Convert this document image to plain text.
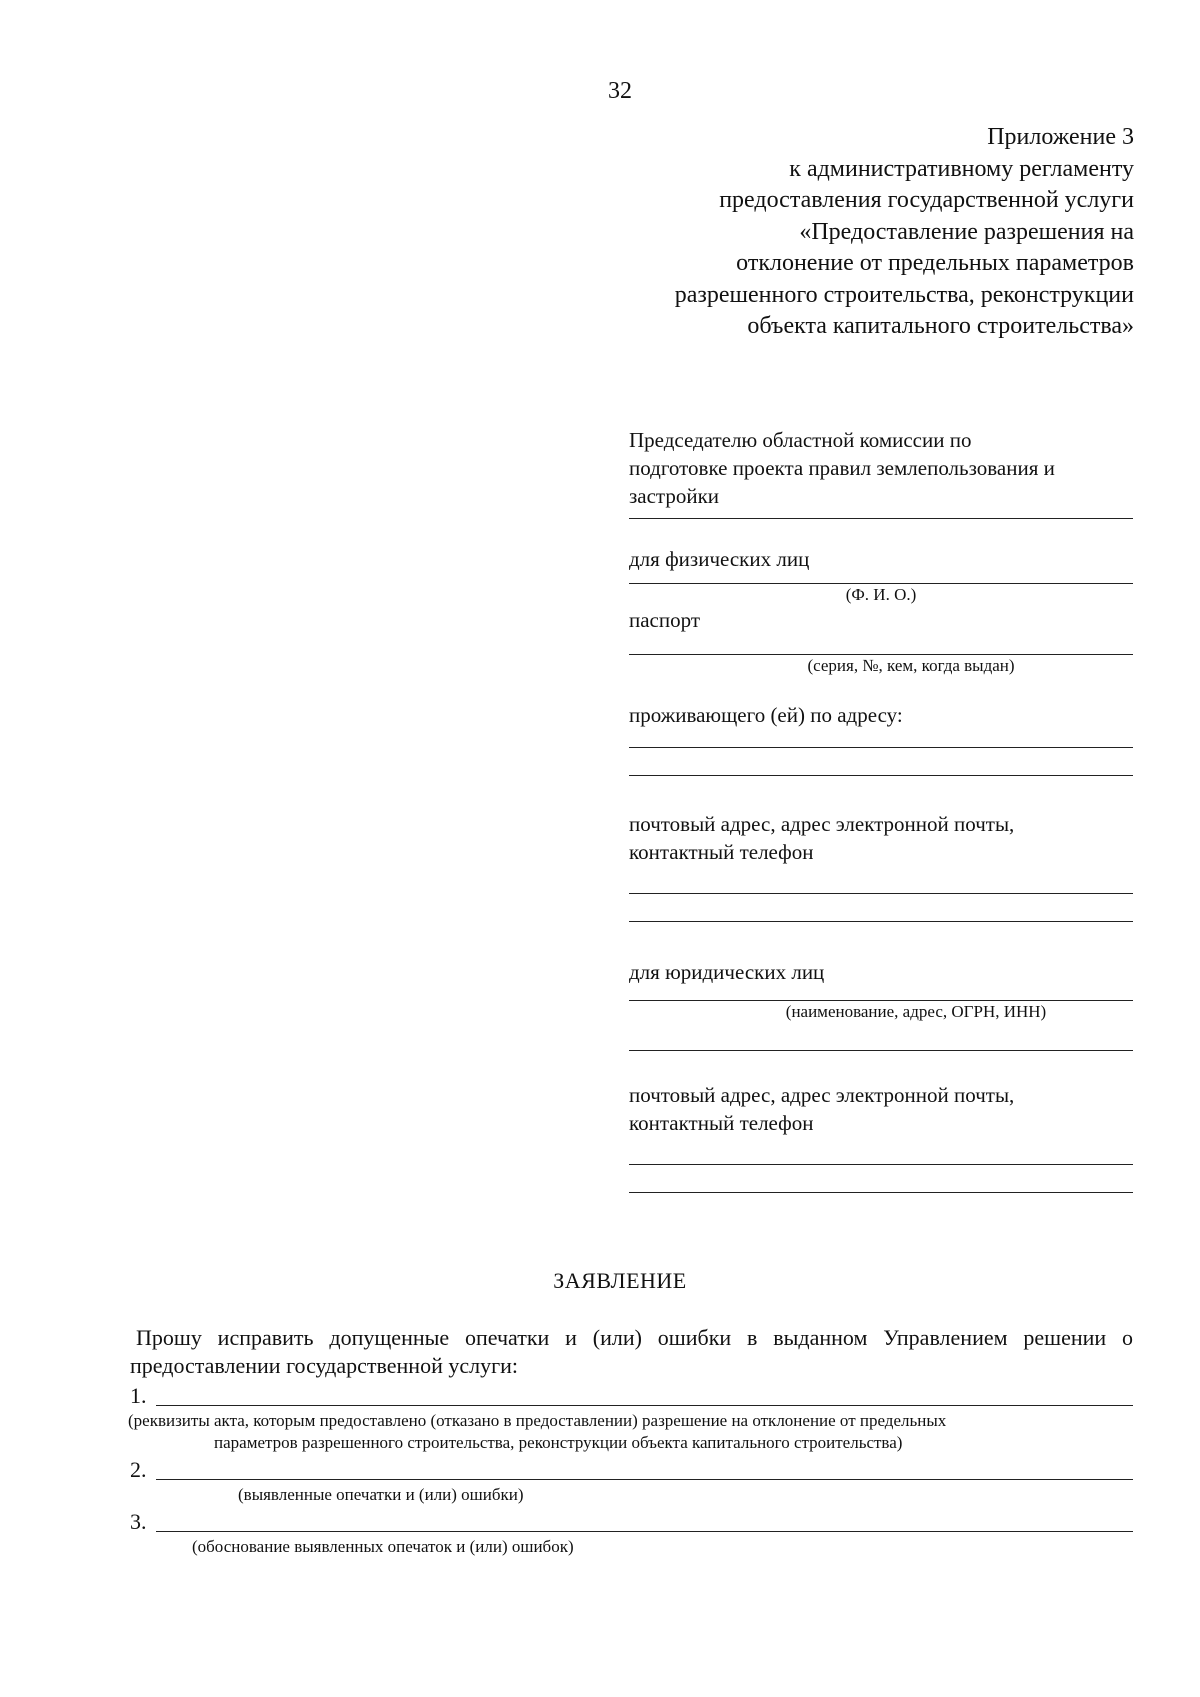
32
Приложение 3
к административному регламенту
предоставления государственной услуги
«Предоставление разрешения на
отклонение от предельных параметров
разрешенного строительства, реконструкции
объекта капитального строительства»
Председателю областной комиссии по
подготовке проекта правил землепользования и
застройки
для физических лиц
(Ф. И. О.)
паспорт
(серия, №, кем, когда выдан)
проживающего (ей) по адресу:
почтовый адрес, адрес электронной почты,
контактный телефон
для юридических лиц
(наименование, адрес, ОГРН, ИНН)
почтовый адрес, адрес электронной почты,
контактный телефон
ЗАЯВЛЕНИЕ

Прошу исправить допущенные опечатки и (или) ошибки в выданном Управлением решении о предоставлении государственной услуги:

1.
(реквизиты акта, которым предоставлено (отказано в предоставлении) разрешение на отклонение от предельных
параметров разрешенного строительства, реконструкции объекта капитального строительства)
2.
(выявленные опечатки и (или) ошибки)
3.
(обоснование выявленных опечаток и (или) ошибок)
